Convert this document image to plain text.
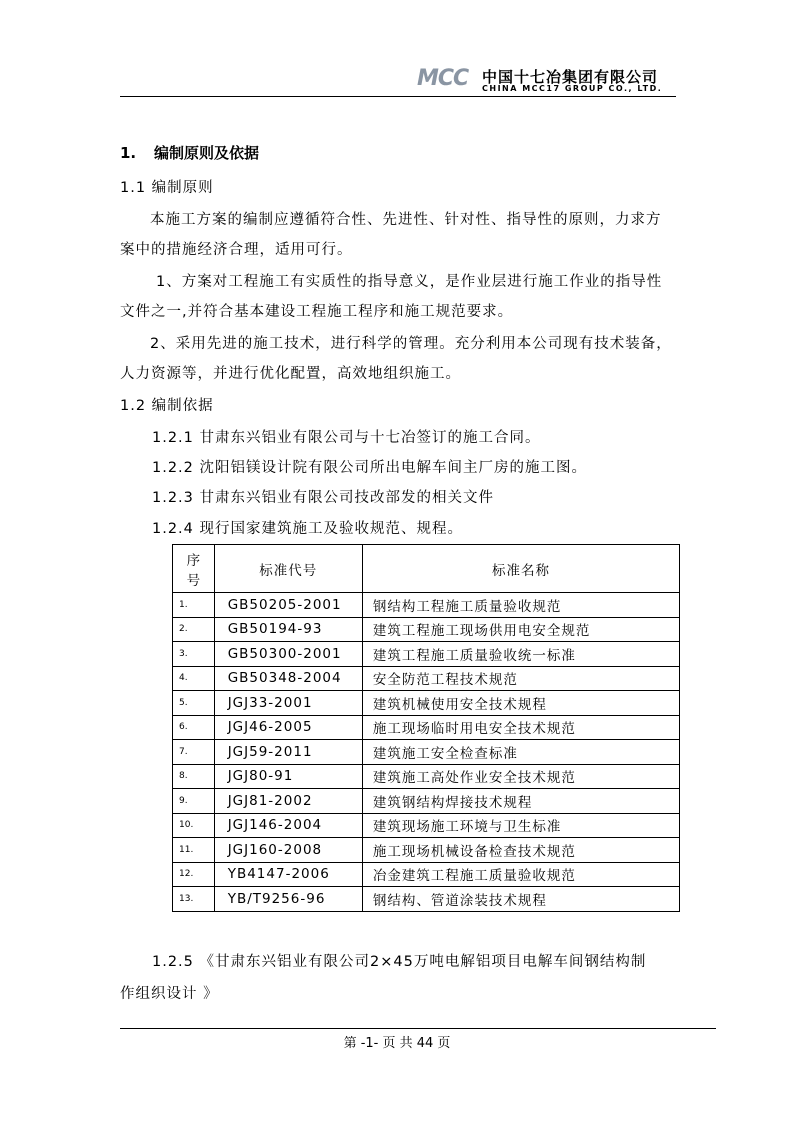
MCC 中国十七冶集团有限公司
CHINA MCC17 GROUP CO., LTD.
1. 编制原则及依据
1.1 编制原则
本施工方案的编制应遵循符合性、先进性、针对性、指导性的原则，力求方
案中的措施经济合理，适用可行。
1、方案对工程施工有实质性的指导意义，是作业层进行施工作业的指导性
文件之一,并符合基本建设工程施工程序和施工规范要求。
2、采用先进的施工技术，进行科学的管理。充分利用本公司现有技术装备，
人力资源等，并进行优化配置，高效地组织施工。
1.2 编制依据
1.2.1 甘肃东兴铝业有限公司与十七冶签订的施工合同。
1.2.2 沈阳铝镁设计院有限公司所出电解车间主厂房的施工图。
1.2.3 甘肃东兴铝业有限公司技改部发的相关文件
1.2.4 现行国家建筑施工及验收规范、规程。
序
号	标准代号	标准名称
1.	GB50205-2001	钢结构工程施工质量验收规范
2.	GB50194-93	建筑工程施工现场供用电安全规范
3.	GB50300-2001	建筑工程施工质量验收统一标准
4.	GB50348-2004	安全防范工程技术规范
5.	JGJ33-2001	建筑机械使用安全技术规程
6.	JGJ46-2005	施工现场临时用电安全技术规范
7.	JGJ59-2011	建筑施工安全检查标准
8.	JGJ80-91	建筑施工高处作业安全技术规范
9.	JGJ81-2002	建筑钢结构焊接技术规程
10.	JGJ146-2004	建筑现场施工环境与卫生标准
11.	JGJ160-2008	施工现场机械设备检查技术规范
12.	YB4147-2006	冶金建筑工程施工质量验收规范
13.	YB/T9256-96	钢结构、管道涂装技术规程
1.2.5 《甘肃东兴铝业有限公司2×45万吨电解铝项目电解车间钢结构制
作组织设计 》
第 -1- 页 共 44 页
